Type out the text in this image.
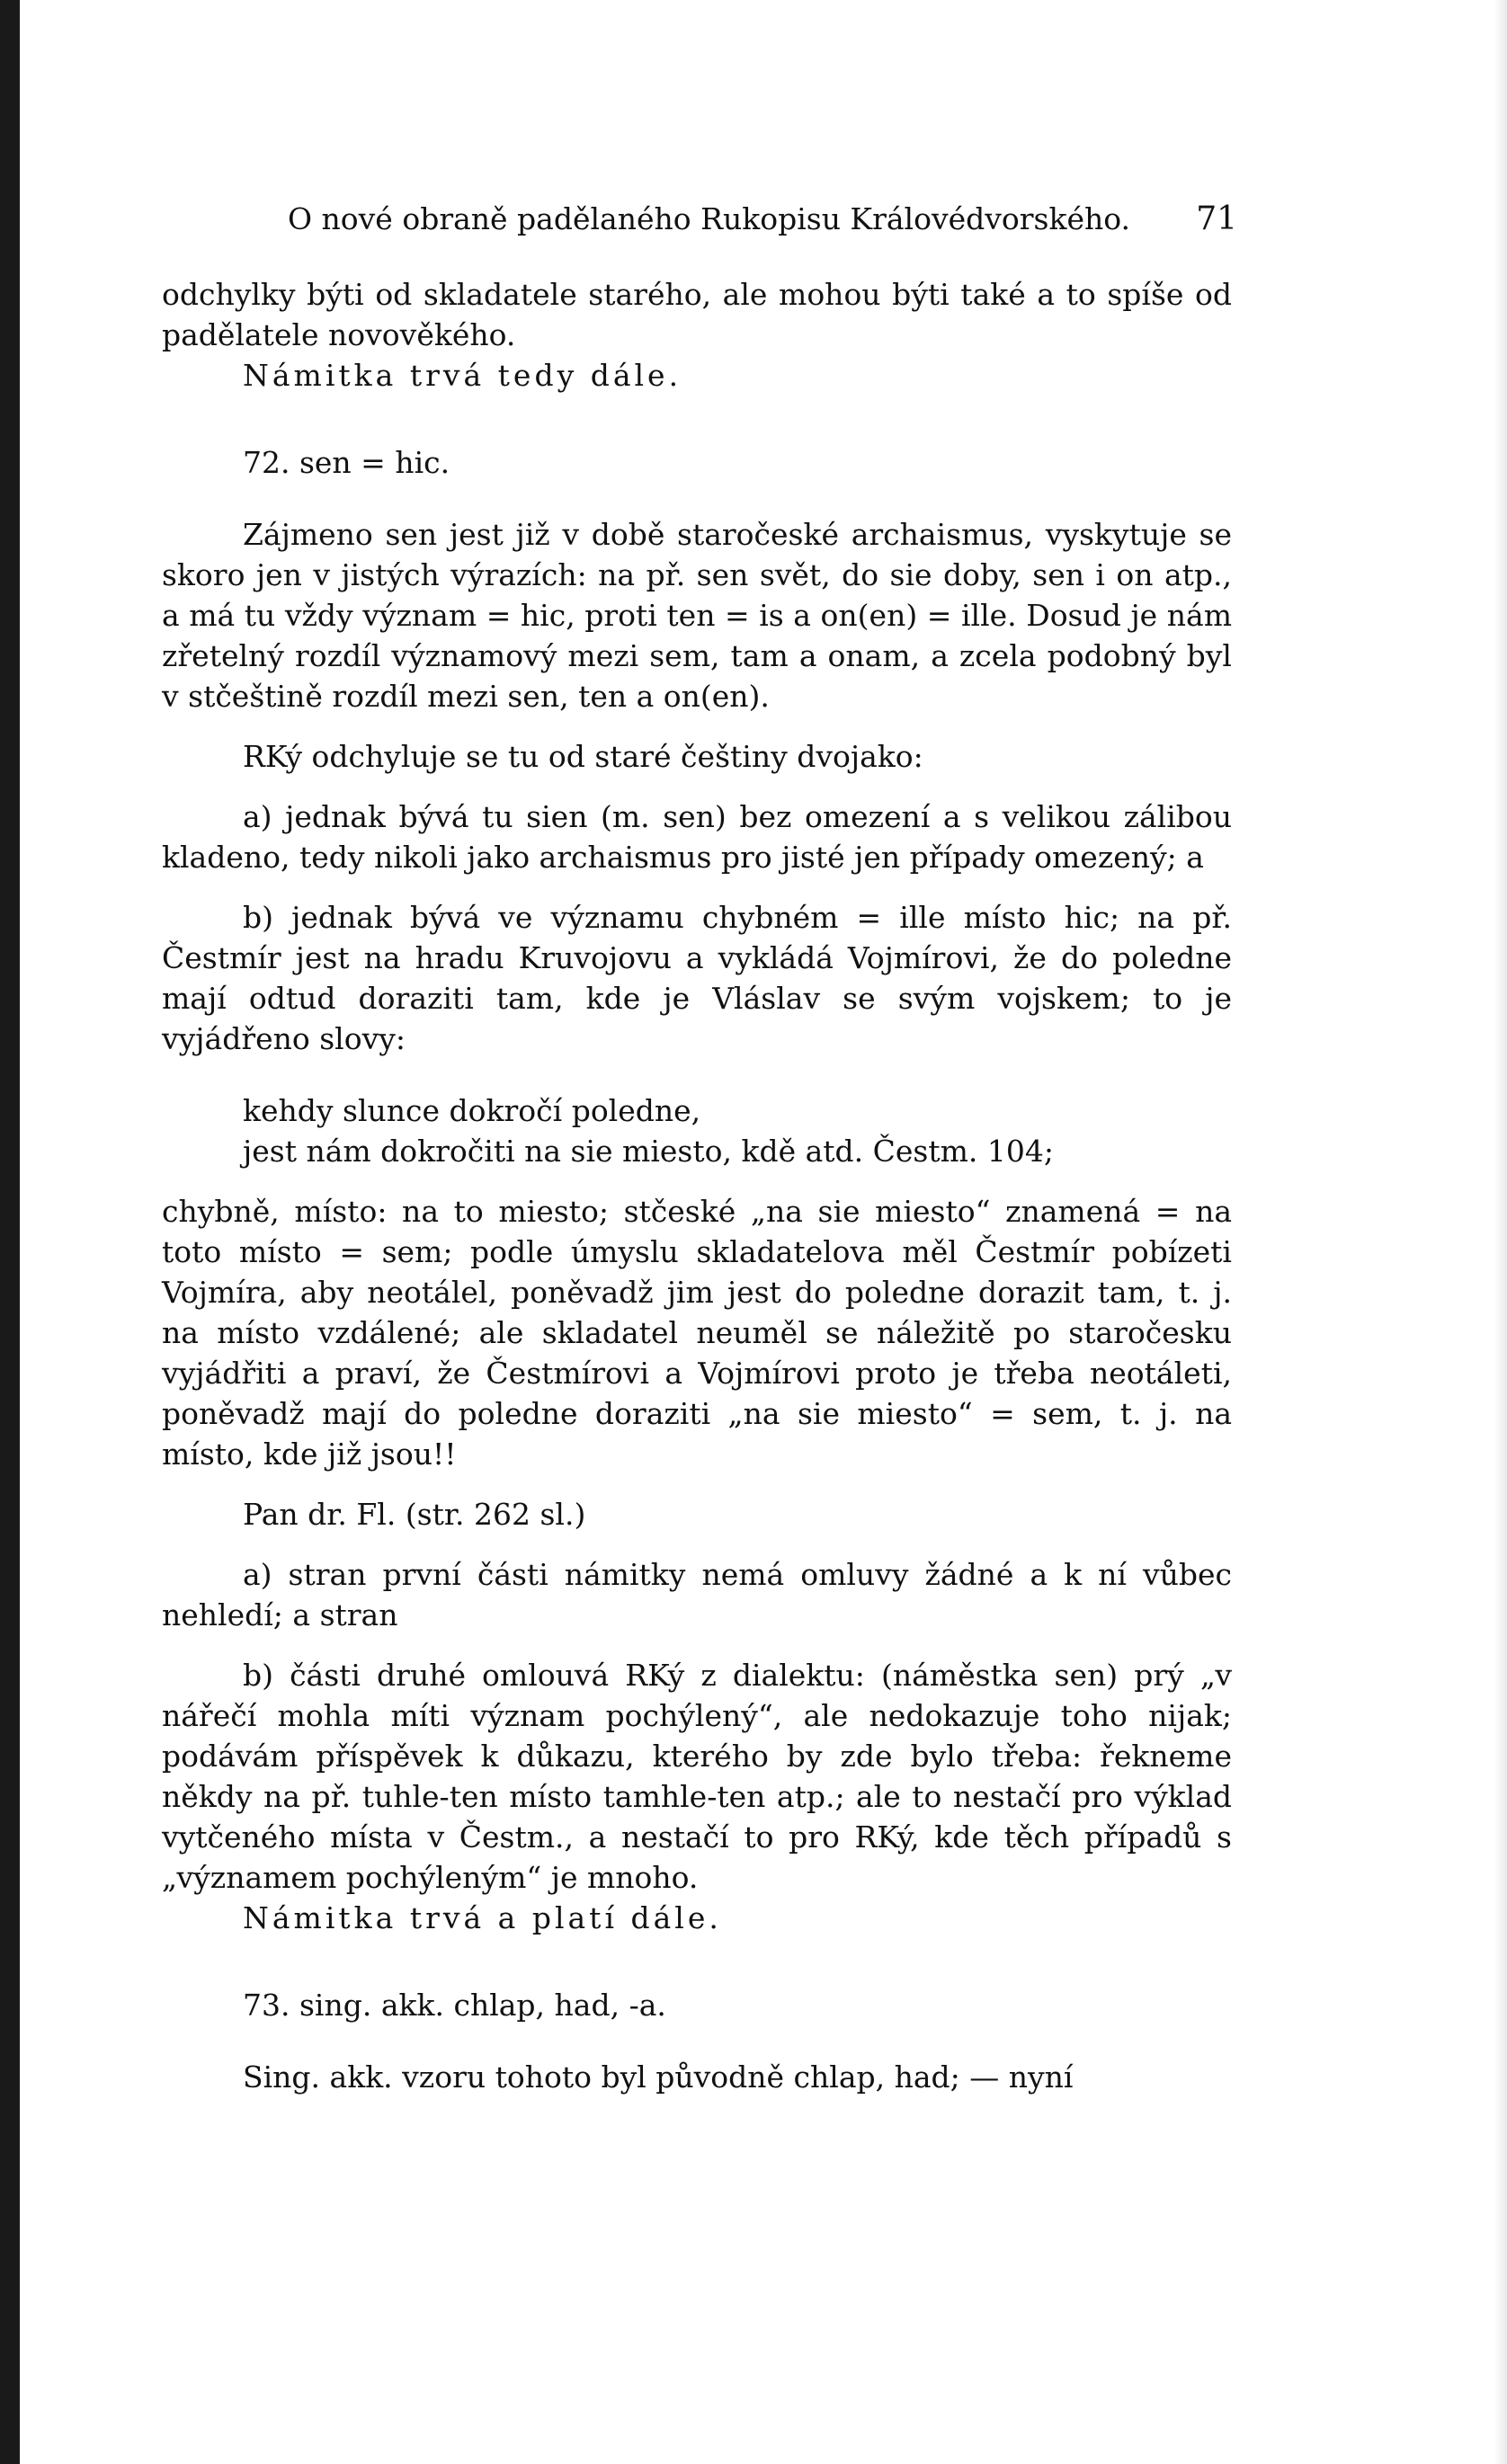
O nové obraně padělaného Rukopisu Královédvorského. 71

odchylky býti od skladatele starého, ale mohou býti také a to spíše od padělatele novověkého.

Námitka trvá tedy dále.

72. sen = hic.

Zájmeno sen jest již v době staročeské archaismus, vyskytuje se skoro jen v jistých výrazích: na př. sen svět, do sie doby, sen i on atp., a má tu vždy význam = hic, proti ten = is a on(en) = ille. Dosud je nám zřetelný rozdíl významový mezi sem, tam a onam, a zcela podobný byl v stčeštině rozdíl mezi sen, ten a on(en).

RKý odchyluje se tu od staré češtiny dvojako:

a) jednak bývá tu sien (m. sen) bez omezení a s velikou zálibou kladeno, tedy nikoli jako archaismus pro jisté jen případy omezený; a

b) jednak bývá ve významu chybném = ille místo hic; na př. Čestmír jest na hradu Kruvojovu a vykládá Vojmírovi, že do poledne mají odtud doraziti tam, kde je Vláslav se svým vojskem; to je vyjádřeno slovy:

kehdy slunce dokročí poledne,
jest nám dokročiti na sie miesto, kdě atd. Čestm. 104;

chybně, místo: na to miesto; stčeské „na sie miesto“ znamená = na toto místo = sem; podle úmyslu skladatelova měl Čestmír pobízeti Vojmíra, aby neotálel, poněvadž jim jest do poledne dorazit tam, t. j. na místo vzdálené; ale skladatel neuměl se náležitě po staročesku vyjádřiti a praví, že Čestmírovi a Vojmírovi proto je třeba neotáleti, poněvadž mají do poledne doraziti „na sie miesto“ = sem, t. j. na místo, kde již jsou!!

Pan dr. Fl. (str. 262 sl.)

a) stran první části námitky nemá omluvy žádné a k ní vůbec nehledí; a stran

b) části druhé omlouvá RKý z dialektu: (náměstka sen) prý „v nářečí mohla míti význam pochýlený“, ale nedokazuje toho nijak; podávám příspěvek k důkazu, kterého by zde bylo třeba: řekneme někdy na př. tuhle-ten místo tamhle-ten atp.; ale to nestačí pro výklad vytčeného místa v Čestm., a nestačí to pro RKý, kde těch případů s „významem pochýleným“ je mnoho.

Námitka trvá a platí dále.

73. sing. akk. chlap, had, -a.

Sing. akk. vzoru tohoto byl původně chlap, had; — nyní
